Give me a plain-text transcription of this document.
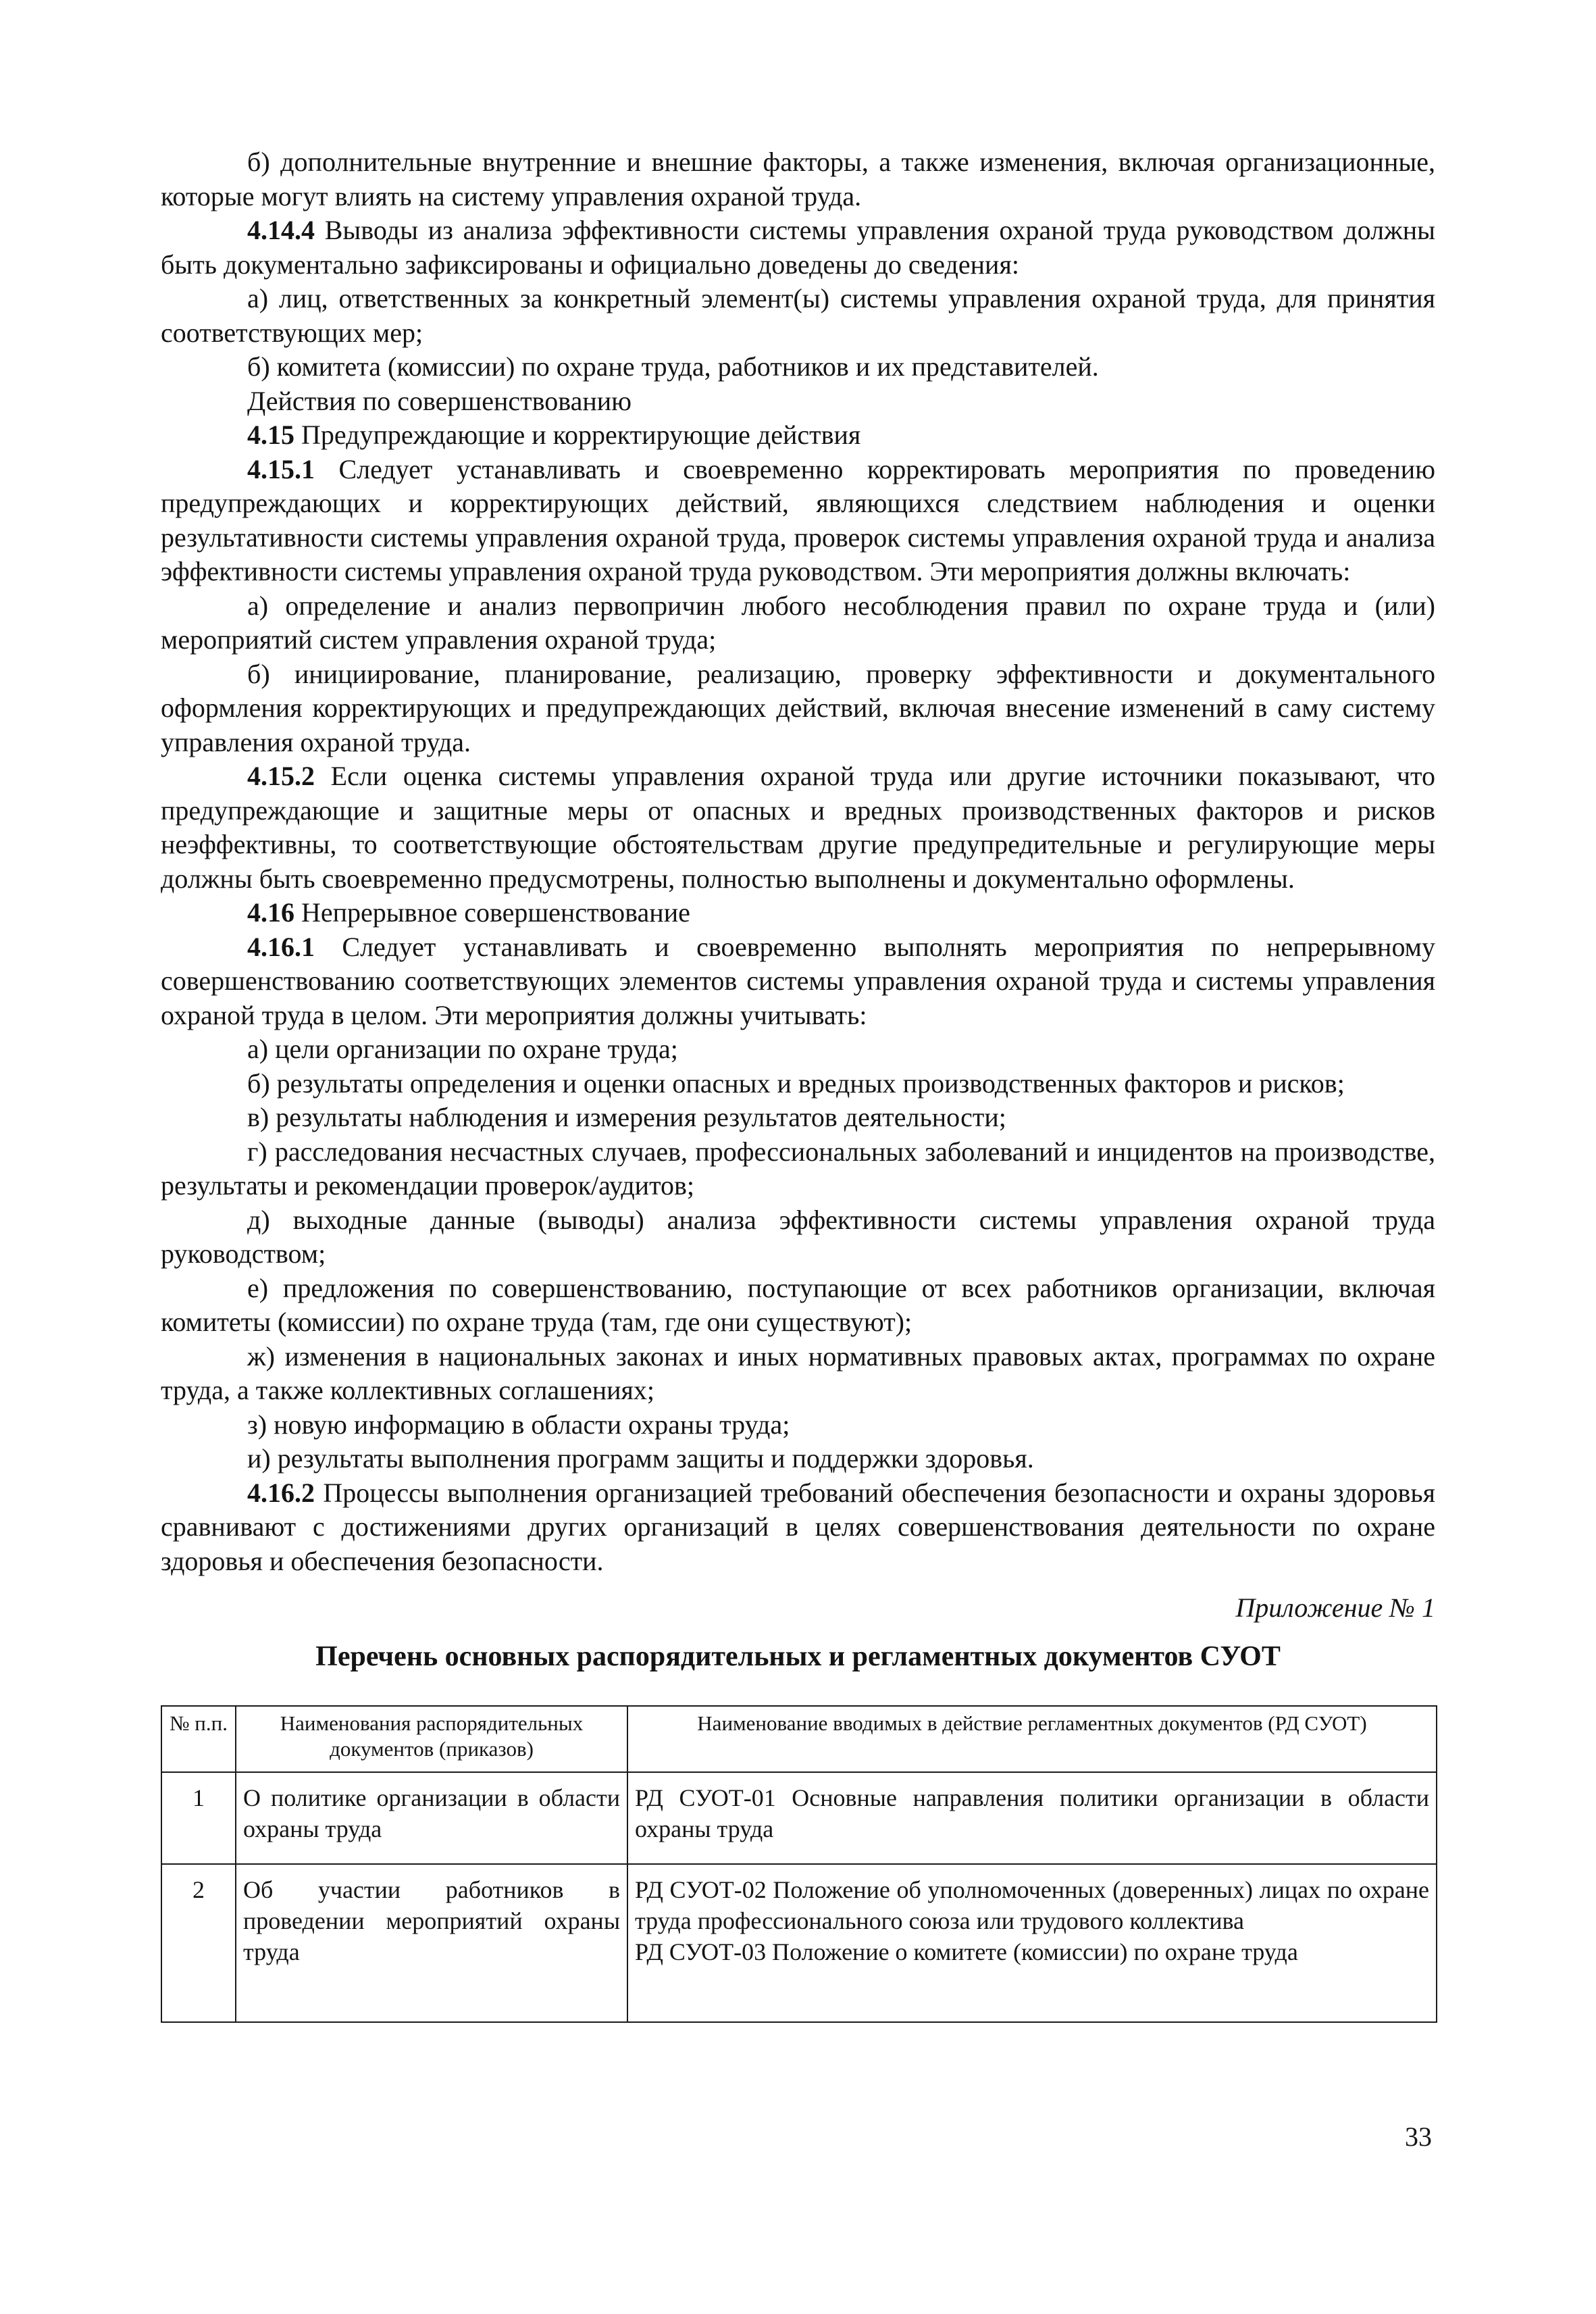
б) дополнительные внутренние и внешние факторы, а также изменения, включая организационные, которые могут влиять на систему управления охраной труда.

4.14.4 Выводы из анализа эффективности системы управления охраной труда руководством должны быть документально зафиксированы и официально доведены до сведения:

а) лиц, ответственных за конкретный элемент(ы) системы управления охраной труда, для принятия соответствующих мер;

б) комитета (комиссии) по охране труда, работников и их представителей.

Действия по совершенствованию

4.15 Предупреждающие и корректирующие действия

4.15.1 Следует устанавливать и своевременно корректировать мероприятия по проведению предупреждающих и корректирующих действий, являющихся следствием наблюдения и оценки результативности системы управления охраной труда, проверок системы управления охраной труда и анализа эффективности системы управления охраной труда руководством. Эти мероприятия должны включать:

а) определение и анализ первопричин любого несоблюдения правил по охране труда и (или) мероприятий систем управления охраной труда;

б) инициирование, планирование, реализацию, проверку эффективности и документального оформления корректирующих и предупреждающих действий, включая внесение изменений в саму систему управления охраной труда.

4.15.2 Если оценка системы управления охраной труда или другие источники показывают, что предупреждающие и защитные меры от опасных и вредных производственных факторов и рисков неэффективны, то соответствующие обстоятельствам другие предупредительные и регулирующие меры должны быть своевременно предусмотрены, полностью выполнены и документально оформлены.

4.16 Непрерывное совершенствование

4.16.1 Следует устанавливать и своевременно выполнять мероприятия по непрерывному совершенствованию соответствующих элементов системы управления охраной труда и системы управления охраной труда в целом. Эти мероприятия должны учитывать:

а) цели организации по охране труда;

б) результаты определения и оценки опасных и вредных производственных факторов и рисков;

в) результаты наблюдения и измерения результатов деятельности;

г) расследования несчастных случаев, профессиональных заболеваний и инцидентов на производстве, результаты и рекомендации проверок/аудитов;

д) выходные данные (выводы) анализа эффективности системы управления охраной труда руководством;

е) предложения по совершенствованию, поступающие от всех работников организации, включая комитеты (комиссии) по охране труда (там, где они существуют);

ж) изменения в национальных законах и иных нормативных правовых актах, программах по охране труда, а также коллективных соглашениях;

з) новую информацию в области охраны труда;

и) результаты выполнения программ защиты и поддержки здоровья.

4.16.2 Процессы выполнения организацией требований обеспечения безопасности и охраны здоровья сравнивают с достижениями других организаций в целях совершенствования деятельности по охране здоровья и обеспечения безопасности.

Приложение № 1
Перечень основных распорядительных и регламентных документов СУОТ
№ п.п.	Наименования распорядительных документов (приказов)	Наименование вводимых в действие регламентных документов (РД СУОТ)
1	О политике организации в области охраны труда	РД СУОТ-01 Основные направления политики организации в области охраны труда

2	Об участии работников в проведении мероприятий охраны труда	РД СУОТ-02 Положение об уполномоченных (доверенных) лицах по охране труда профессионального союза или трудового коллектива
РД СУОТ-03 Положение о комитете (комиссии) по охране труда
33
